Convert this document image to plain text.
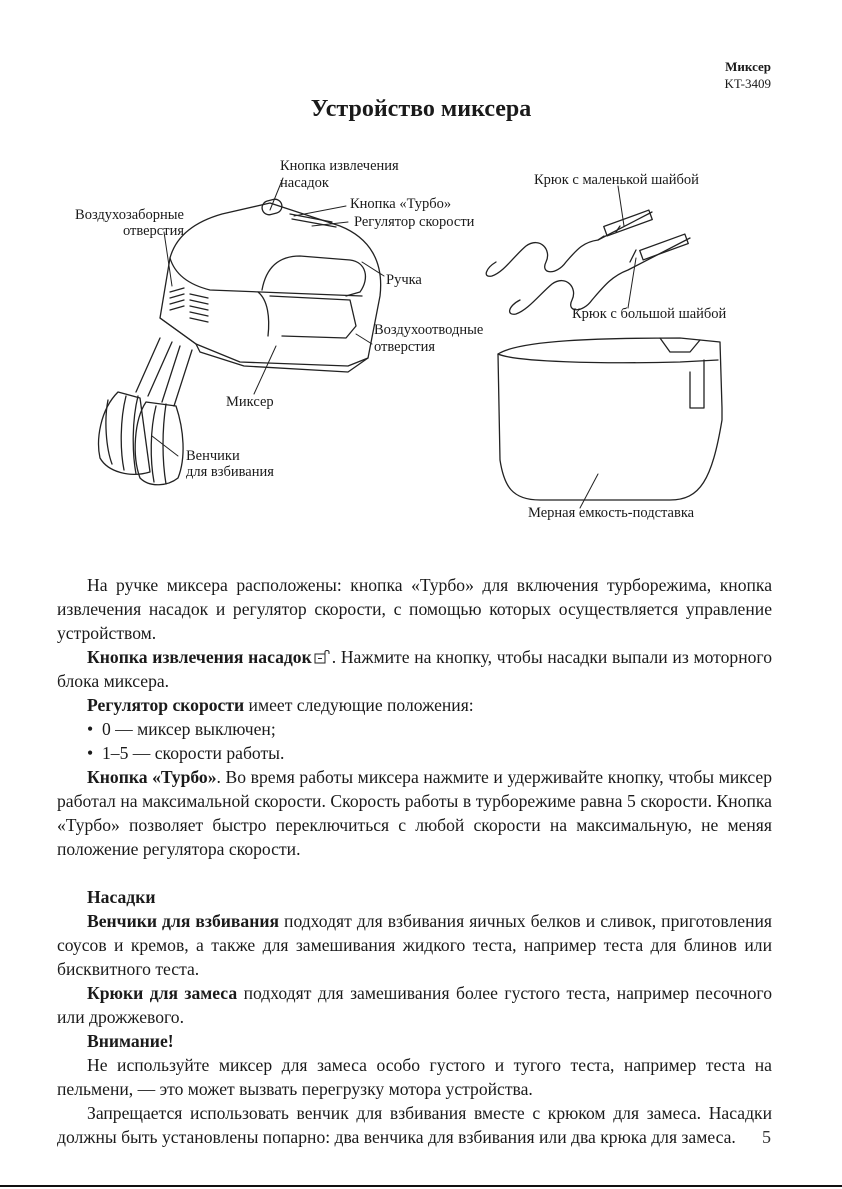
Миксер
KT-3409
Устройство миксера
Кнопка извлечения
насадок
Кнопка «Турбо»
Регулятор скорости
Ручка
Воздухозаборные
отверстия
Воздухоотводные
отверстия
Миксер
Венчики
для взбивания
Крюк с маленькой шайбой
Крюк с большой шайбой
Мерная емкость-подставка

На ручке миксера расположены: кнопка «Турбо» для включения турборежима, кнопка извлечения насадок и регулятор скорости, с помощью которых осуществляется управление устройством.

Кнопка извлечения насадок . Нажмите на кнопку, чтобы насадки выпали из моторного блока миксера.

Регулятор скорости имеет следующие положения:

•  0 — миксер выключен;

•  1–5 — скорости работы.

Кнопка «Турбо». Во время работы миксера нажмите и удерживайте кнопку, чтобы миксер работал на максимальной скорости. Скорость работы в турборежиме равна 5 скорости. Кнопка «Турбо» позволяет быстро переключиться с любой скорости на максимальную, не меняя положение регулятора скорости.

Насадки

Венчики для взбивания подходят для взбивания яичных белков и сливок, приготовления соусов и кремов, а также для замешивания жидкого теста, например теста для блинов или бисквитного теста.

Крюки для замеса подходят для замешивания более густого теста, например песочного или дрожжевого.

Внимание!

Не используйте миксер для замеса особо густого и тугого теста, например теста на пельмени, — это может вызвать перегрузку мотора устройства.

Запрещается использовать венчик для взбивания вместе с крюком для замеса. Насадки должны быть установлены попарно: два венчика для взбивания или два крюка для замеса.	5
